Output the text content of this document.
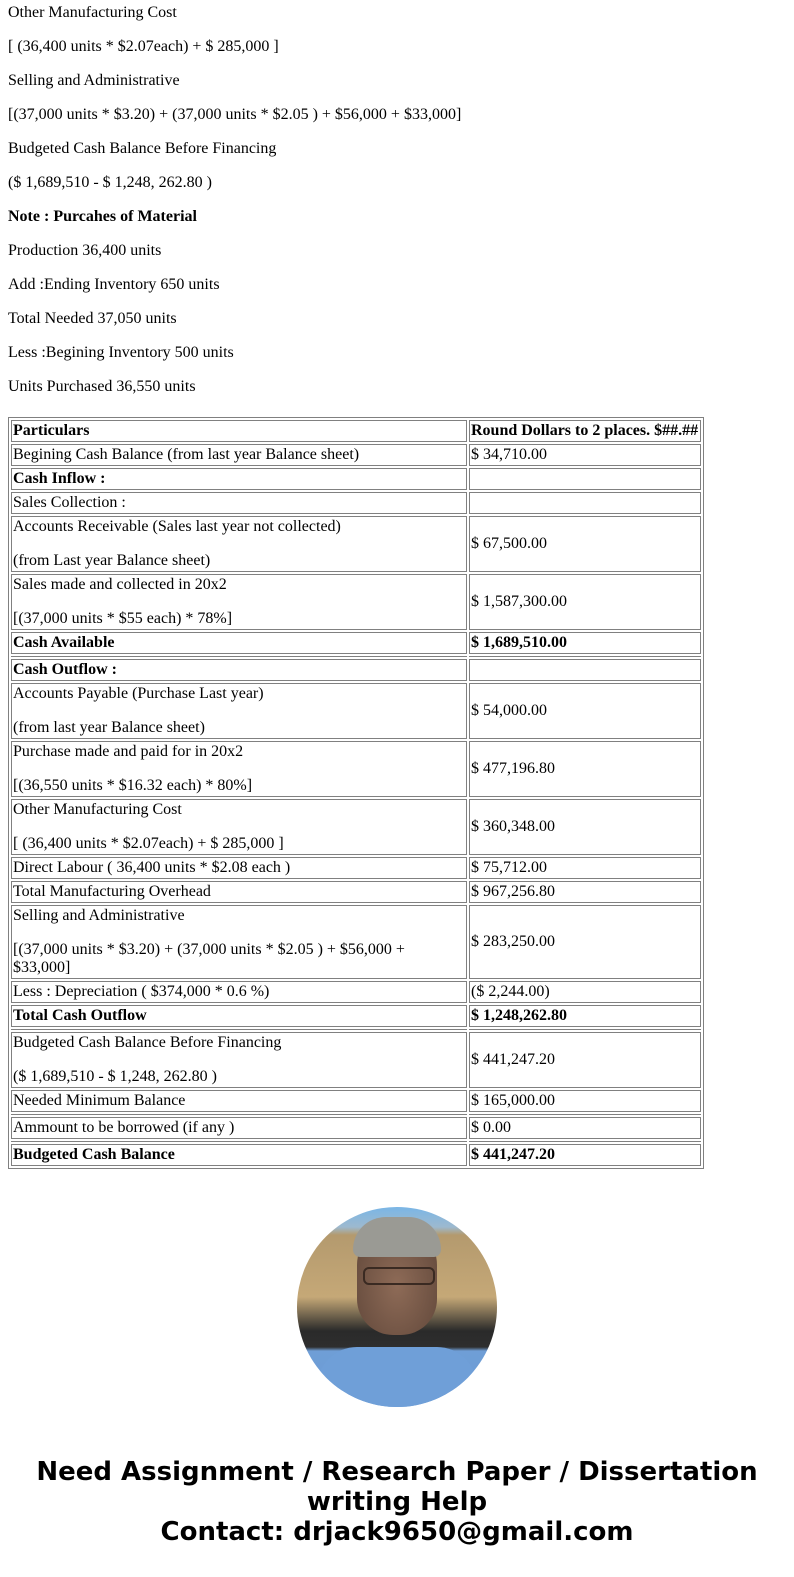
Other Manufacturing Cost

[ (36,400 units * $2.07each) + $ 285,000 ]

Selling and Administrative

[(37,000 units * $3.20) + (37,000 units * $2.05 ) + $56,000 + $33,000]

Budgeted Cash Balance Before Financing

($ 1,689,510 - $ 1,248, 262.80 )

Note : Purcahes of Material

Production 36,400 units

Add :Ending Inventory 650 units

Total Needed 37,050 units

Less :Begining Inventory 500 units

Units Purchased 36,550 units

Particulars	Round Dollars to 2 places. $##.##

Begining Cash Balance (from last year Balance sheet)	$ 34,710.00

Cash Inflow :	

Sales Collection :	

Accounts Receivable (Sales last year not collected)
(from Last year Balance sheet)	$ 67,500.00

Sales made and collected in 20x2
[(37,000 units * $55 each) * 78%]	$ 1,587,300.00

Cash Available	$ 1,689,510.00

Cash Outflow :	

Accounts Payable (Purchase Last year)
(from last year Balance sheet)	$ 54,000.00

Purchase made and paid for in 20x2
[(36,550 units * $16.32 each) * 80%]	$ 477,196.80

Other Manufacturing Cost
[ (36,400 units * $2.07each) + $ 285,000 ]	$ 360,348.00

Direct Labour ( 36,400 units * $2.08 each )	$ 75,712.00

Total Manufacturing Overhead	$ 967,256.80

Selling and Administrative
[(37,000 units * $3.20) + (37,000 units * $2.05 ) + $56,000 + $33,000]	$ 283,250.00

Less : Depreciation ( $374,000 * 0.6 %)	($ 2,244.00)

Total Cash Outflow	$ 1,248,262.80

Budgeted Cash Balance Before Financing
($ 1,689,510 - $ 1,248, 262.80 )	$ 441,247.20

Needed Minimum Balance	$ 165,000.00

Ammount to be borrowed (if any )	$ 0.00

Budgeted Cash Balance	$ 441,247.20
Need Assignment / Research Paper / Dissertation
writing Help
Contact: drjack9650@gmail.com
